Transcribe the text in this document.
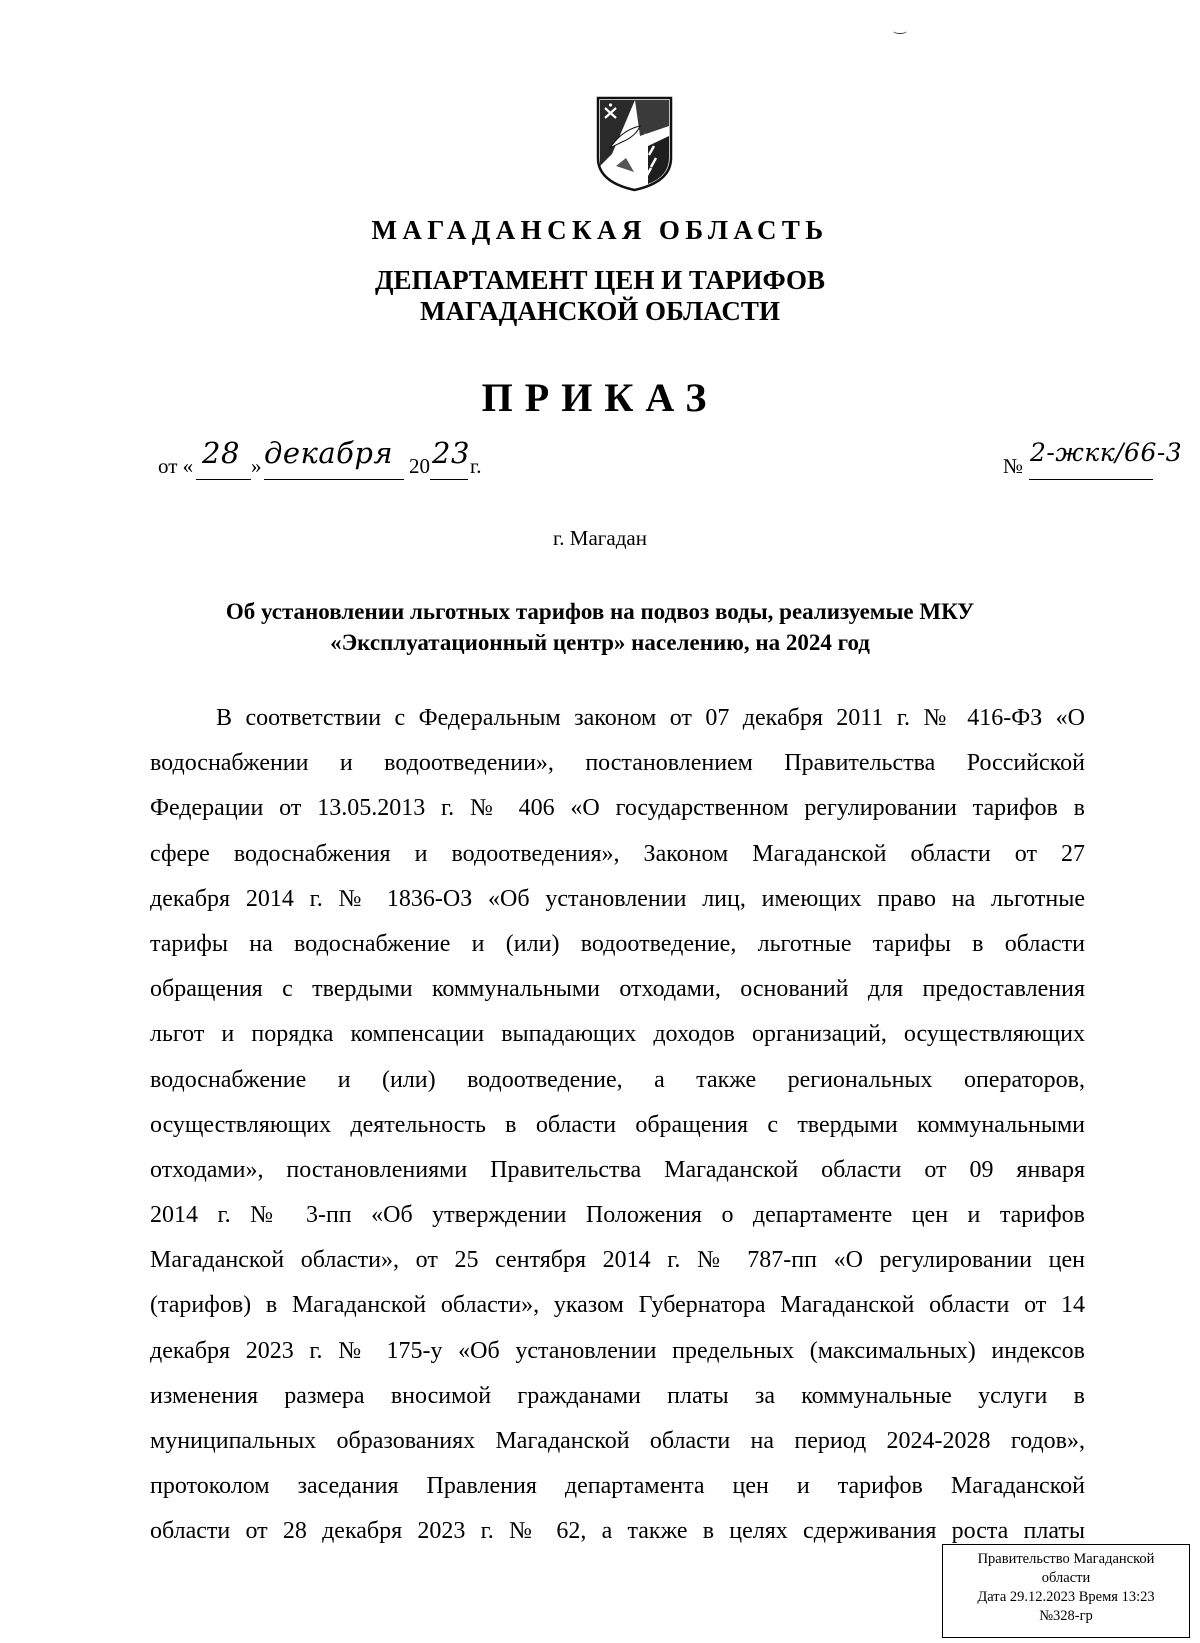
МАГАДАНСКАЯ ОБЛАСТЬ
ДЕПАРТАМЕНТ ЦЕН И ТАРИФОВ
МАГАДАНСКОЙ ОБЛАСТИ
ПРИКАЗ
от « 28 » декабря 20 23 г.	№ 2-жкк/66-3
г. Магадан
Об установлении льготных тарифов на подвоз воды, реализуемые МКУ
«Эксплуатационный центр» населению, на 2024 год
В соответствии с Федеральным законом от 07 декабря 2011 г. № 416-ФЗ «О
водоснабжении и водоотведении», постановлением Правительства Российской
Федерации от 13.05.2013 г. № 406 «О государственном регулировании тарифов в
сфере водоснабжения и водоотведения», Законом Магаданской области от 27
декабря 2014 г. № 1836-ОЗ «Об установлении лиц, имеющих право на льготные
тарифы на водоснабжение и (или) водоотведение, льготные тарифы в области
обращения с твердыми коммунальными отходами, оснований для предоставления
льгот и порядка компенсации выпадающих доходов организаций, осуществляющих
водоснабжение и (или) водоотведение, а также региональных операторов,
осуществляющих деятельность в области обращения с твердыми коммунальными
отходами», постановлениями Правительства Магаданской области от 09 января
2014 г. № 3-пп «Об утверждении Положения о департаменте цен и тарифов
Магаданской области», от 25 сентября 2014 г. № 787-пп «О регулировании цен
(тарифов) в Магаданской области», указом Губернатора Магаданской области от 14
декабря 2023 г. № 175-у «Об установлении предельных (максимальных) индексов
изменения размера вносимой гражданами платы за коммунальные услуги в
муниципальных образованиях Магаданской области на период 2024-2028 годов»,
протоколом заседания Правления департамента цен и тарифов Магаданской
области от 28 декабря 2023 г. № 62, а также в целях сдерживания роста платы
Правительство Магаданской
области
Дата 29.12.2023 Время 13:23
№328-гр
